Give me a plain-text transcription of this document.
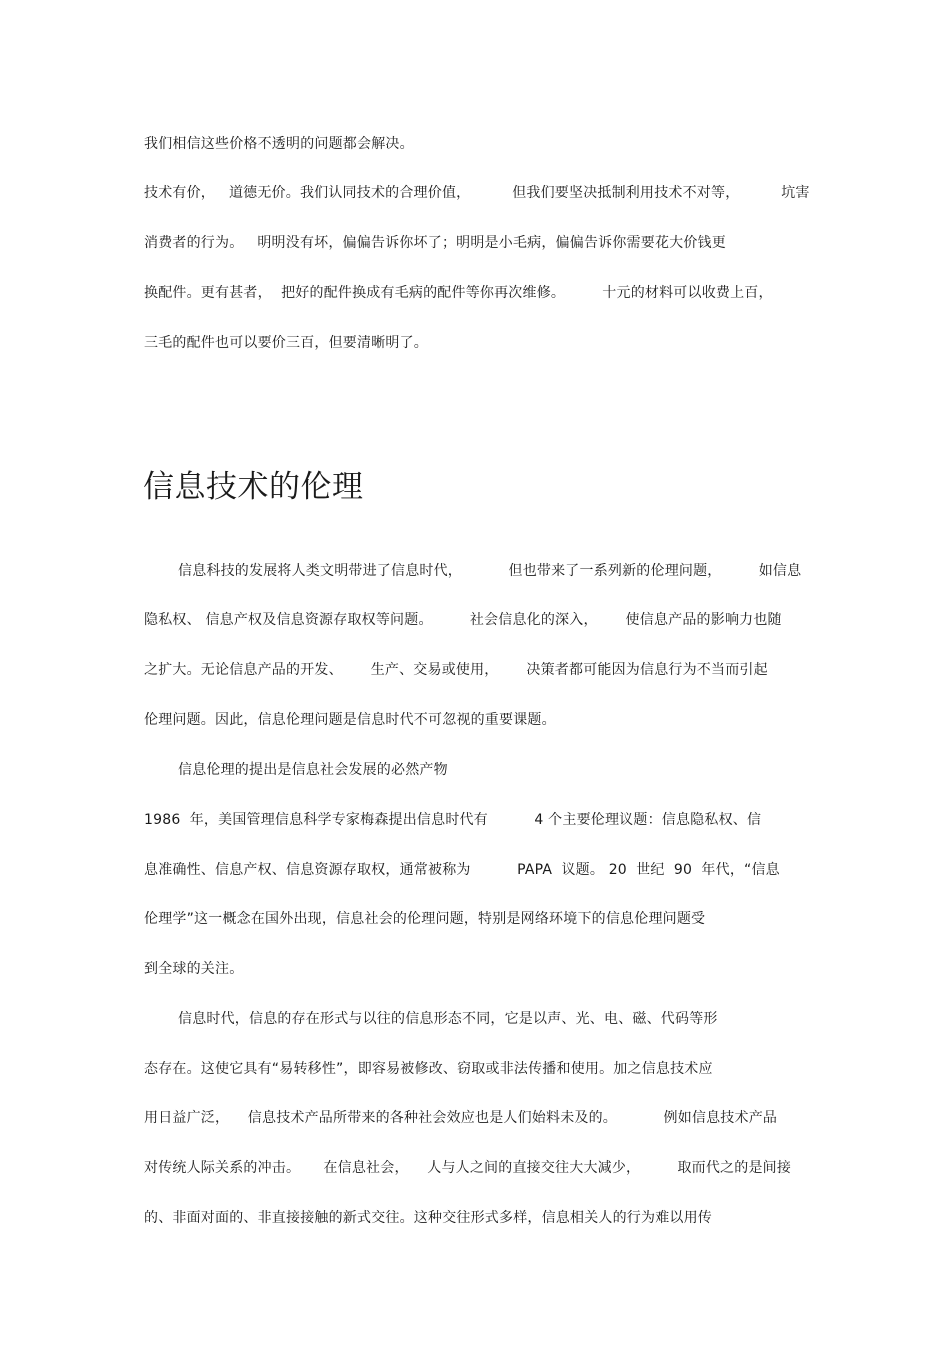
我们相信这些价格不透明的问题都会解决。
技术有价，   道德无价。我们认同技术的合理价值，         但我们要坚决抵制利用技术不对等，         坑害
消费者的行为。   明明没有坏，偏偏告诉你坏了；明明是小毛病，偏偏告诉你需要花大价钱更
换配件。更有甚者，  把好的配件换成有毛病的配件等你再次维修。        十元的材料可以收费上百，
三毛的配件也可以要价三百，但要清晰明了。
信息技术的伦理
信息科技的发展将人类文明带进了信息时代，          但也带来了一系列新的伦理问题，        如信息
隐私权、 信息产权及信息资源存取权等问题。        社会信息化的深入，      使信息产品的影响力也随
之扩大。无论信息产品的开发、      生产、交易或使用，      决策者都可能因为信息行为不当而引起
伦理问题。因此，信息伦理问题是信息时代不可忽视的重要课题。
信息伦理的提出是信息社会发展的必然产物
1986  年，美国管理信息科学专家梅森提出信息时代有          4 个主要伦理议题：信息隐私权、信
息准确性、信息产权、信息资源存取权，通常被称为          PAPA  议题。 20  世纪  90  年代，“信息
伦理学”这一概念在国外出现，信息社会的伦理问题，特别是网络环境下的信息伦理问题受
到全球的关注。
信息时代，信息的存在形式与以往的信息形态不同，它是以声、光、电、磁、代码等形
态存在。这使它具有“易转移性”，即容易被修改、窃取或非法传播和使用。加之信息技术应
用日益广泛，    信息技术产品所带来的各种社会效应也是人们始料未及的。          例如信息技术产品
对传统人际关系的冲击。     在信息社会，    人与人之间的直接交往大大减少，        取而代之的是间接
的、非面对面的、非直接接触的新式交往。这种交往形式多样，信息相关人的行为难以用传
